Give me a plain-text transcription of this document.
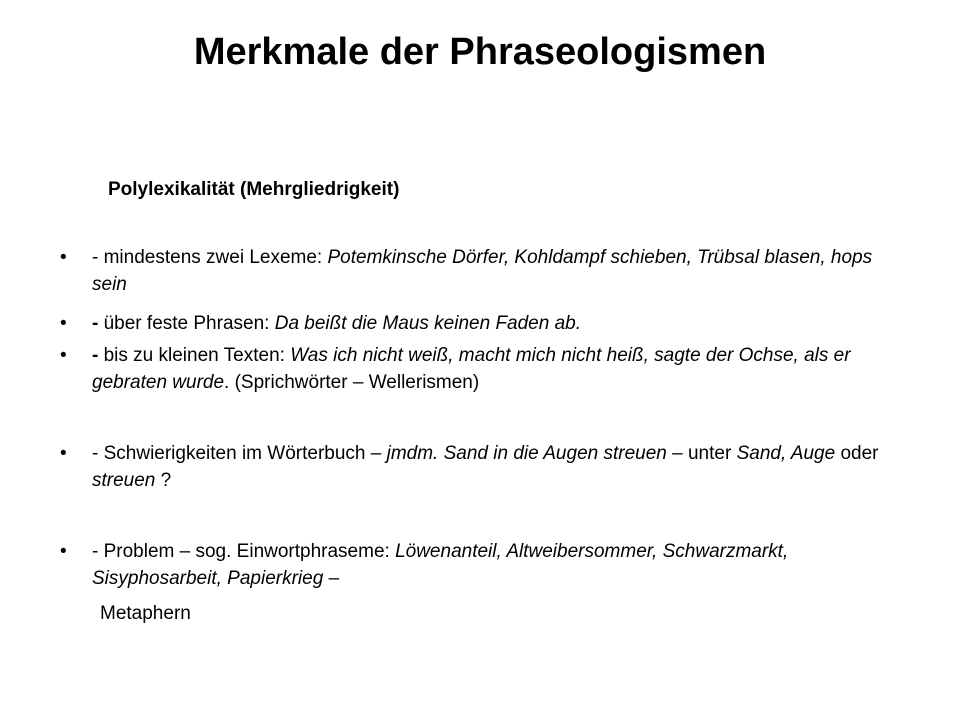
Merkmale der Phraseologismen
Polylexikalität (Mehrgliedrigkeit)
• - mindestens zwei Lexeme: Potemkinsche Dörfer, Kohldampf schieben, Trübsal blasen, hops sein
• - über feste Phrasen: Da beißt die Maus keinen Faden ab.
• - bis zu kleinen Texten: Was ich nicht weiß, macht mich nicht heiß, sagte der Ochse, als er gebraten wurde. (Sprichwörter – Wellerismen)
• - Schwierigkeiten im Wörterbuch – jmdm. Sand in die Augen streuen – unter Sand, Auge oder streuen ?
• - Problem – sog. Einwortphraseme: Löwenanteil, Altweibersommer, Schwarzmarkt, Sisyphosarbeit, Papierkrieg –
Metaphern
